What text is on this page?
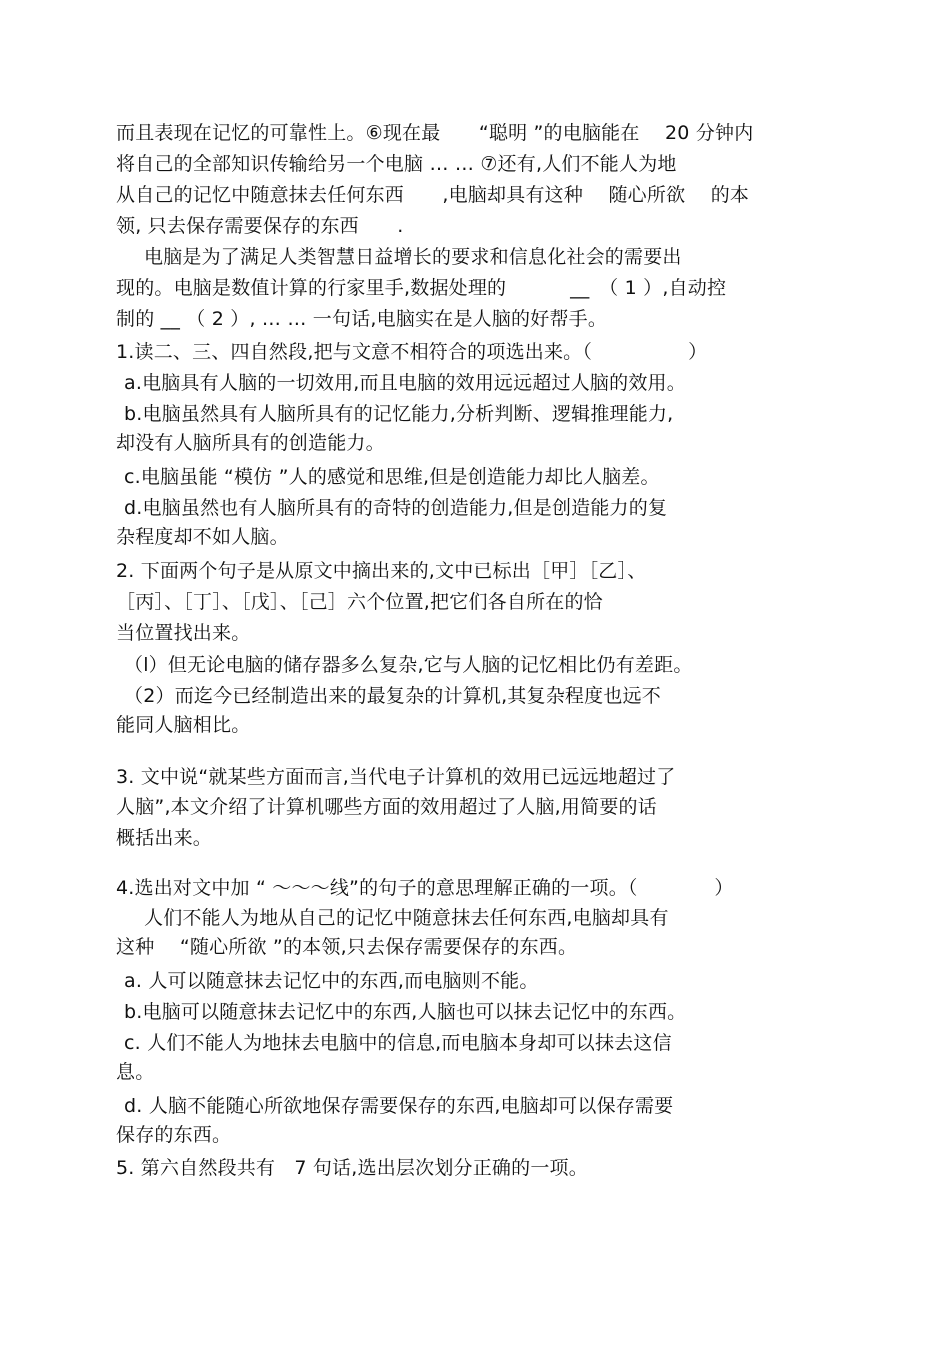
而且表现在记忆的可靠性上。⑥现在最　　“聪明 ”的电脑能在　 20 分钟内
将自己的全部知识传输给另一个电脑 … … ⑦还有,人们不能人为地
从自己的记忆中随意抹去任何东西　　,电脑却具有这种　 随心所欲　 的本
领, 只去保存需要保存的东西　　.
电脑是为了满足人类智慧日益增长的要求和信息化社会的需要出
现的。电脑是数值计算的行家里手,数据处理的　　　 __　（ 1 ）,自动控
制的 __ （ 2 ）, … … 一句话,电脑实在是人脑的好帮手。
1.读二、三、四自然段,把与文意不相符合的项选出来。（　　　　　）
a.电脑具有人脑的一切效用,而且电脑的效用远远超过人脑的效用。
b.电脑虽然具有人脑所具有的记忆能力,分析判断、逻辑推理能力,
却没有人脑所具有的创造能力。
c.电脑虽能 “模仿 ”人的感觉和思维,但是创造能力却比人脑差。
d.电脑虽然也有人脑所具有的奇特的创造能力,但是创造能力的复
杂程度却不如人脑。
2. 下面两个句子是从原文中摘出来的,文中已标出［甲］［乙］、
［丙］、［丁］、［戊］、［己］六个位置,把它们各自所在的恰
当位置找出来。
（l）但无论电脑的储存器多么复杂,它与人脑的记忆相比仍有差距。
（2）而迄今已经制造出来的最复杂的计算机,其复杂程度也远不
能同人脑相比。
3. 文中说“就某些方面而言,当代电子计算机的效用已远远地超过了
人脑”,本文介绍了计算机哪些方面的效用超过了人脑,用简要的话
概括出来。
4.选出对文中加 “ ～～～线”的句子的意思理解正确的一项。（　　　　）
人们不能人为地从自己的记忆中随意抹去任何东西,电脑却具有
这种　 “随心所欲 ”的本领,只去保存需要保存的东西。
a. 人可以随意抹去记忆中的东西,而电脑则不能。
b.电脑可以随意抹去记忆中的东西,人脑也可以抹去记忆中的东西。
c. 人们不能人为地抹去电脑中的信息,而电脑本身却可以抹去这信
息。
d. 人脑不能随心所欲地保存需要保存的东西,电脑却可以保存需要
保存的东西。
5. 第六自然段共有　7 句话,选出层次划分正确的一项。
